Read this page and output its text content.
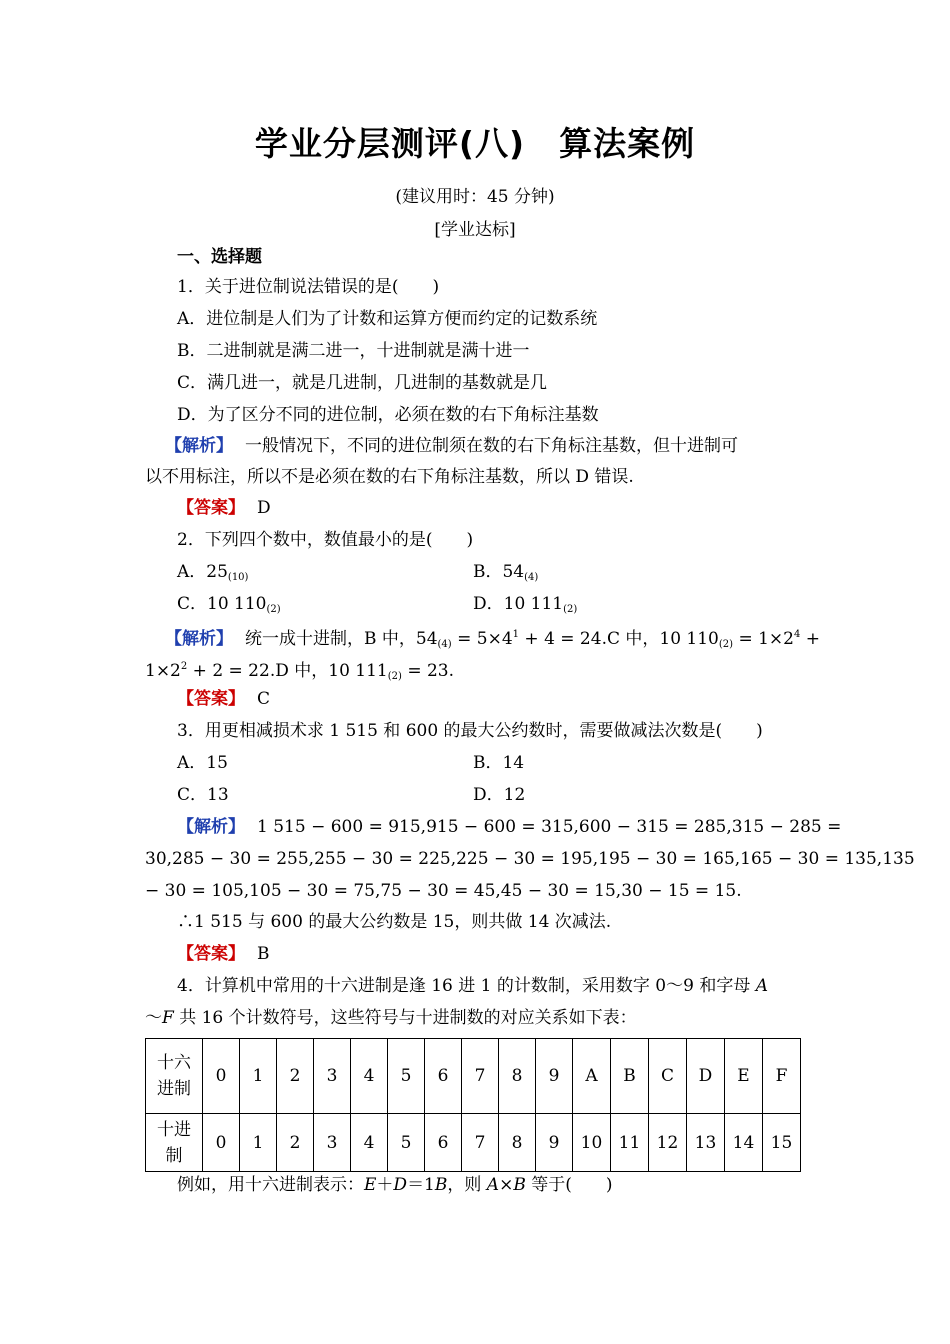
学业分层测评(八)　算法案例
(建议用时：45 分钟)
[学业达标]
一、选择题
1．关于进位制说法错误的是(　　)
A．进位制是人们为了计数和运算方便而约定的记数系统
B．二进制就是满二进一，十进制就是满十进一
C．满几进一，就是几进制，几进制的基数就是几
D．为了区分不同的进位制，必须在数的右下角标注基数
【解析】 一般情况下，不同的进位制须在数的右下角标注基数，但十进制可
以不用标注，所以不是必须在数的右下角标注基数，所以 D 错误.
【答案】 D
2．下列四个数中，数值最小的是(　　)
A．$25_{(10)}$	B．$54_{(4)}$
C．10 $110_{(2)}$	D．10 $111_{(2)}$
【解析】 统一成十进制，B 中，$54_{(4)} = 5\times 4^1 + 4 = 24.C$ 中，10 $110_{(2)} = 1\times 2^4$ +
$1\times 2^2 + 2 = 22.D$ 中，10 $111_{(2)} = 23$.
【答案】 C
3．用更相减损术求 1 515 和 600 的最大公约数时，需要做减法次数是(　　)
A．15	B．14
C．13	D．12
【解析】 1 515 − 600 = 915,915 − 600 = 315,600 − 315 = 285,315 − 285 =
30,285 − 30 = 255,255 − 30 = 225,225 − 30 = 195,195 − 30 = 165,165 − 30 = 135,135
− 30 = 105,105 − 30 = 75,75 − 30 = 45,45 − 30 = 15,30 − 15 = 15.
∴1 515 与 600 的最大公约数是 15，则共做 14 次减法.
【答案】 B
4．计算机中常用的十六进制是逢 16 进 1 的计数制，采用数字 0～9 和字母 A
～F 共 16 个计数符号，这些符号与十进制数的对应关系如下表：
十六
进制	0	1	2	3	4	5	6	7	8	9	A	B	C	D	E	F
十进
制	0	1	2	3	4	5	6	7	8	9	10	11	12	13	14	15
例如，用十六进制表示：E＋D＝1B，则 A×B 等于(　　)
